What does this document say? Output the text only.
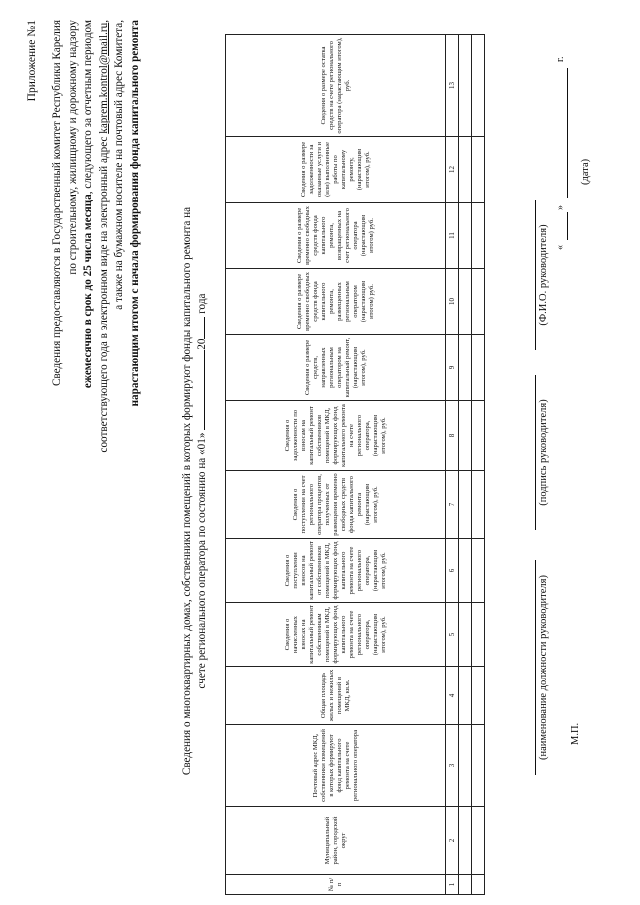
Приложение №1 Сведения предоставляются в Государственный комитет Республики Карелия по строительному, жилищному и дорожному надзору
ежемесячно в срок до 25 числа месяца, следующего за отчетным периодом
соответствующего года в электронном виде на электронный адрес kaprem.kontrol@mail.ru, а также на бумажном носителе на почтовый адрес Комитета, нарастающим итогом с начала формирования фонда капитального ремонта	Сведения о многоквартирных домах, собственники помещений в которых формируют фонды капитального ремонта на счете регионального оператора по состоянию на «01» 20 года
№ п/п	Муниципальный район, городской округ	Почтовый адрес МКД, собственники помещений в которых формируют фонд капитального ремонта на счете регионального оператора	Общая площадь жилых и нежилых помещений в МКД, кв.м.	Сведения о начисленных взносах на капитальный ремонт собственникам помещений в МКД, формирующих фонд капитального ремонта на счете регионального оператора, (нарастающим итогом), руб.	Сведения о поступлении взносов на капитальный ремонт от собственников помещений в МКД, формирующих фонд капитального ремонта на счете регионального оператора, (нарастающим итогом), руб.	Сведения о поступлении на счет регионального оператора процентов, полученных от размещения временно свободных средств фонда капитального ремонта (нарастающим итогом), руб.	Сведения о задолженности по взносам на капитальный ремонт собственников помещений в МКД, формирующих фонд капитального ремонта на счете регионального оператора, (нарастающим итогом), руб.	Сведения о размере средств, направленных региональным оператором на капитальный ремонт, (нарастающим итогом), руб.	Сведения о размере временно свободных средств фонда капитального ремонта, размещенных региональным оператором (нарастающим итогом) руб.	Сведения о размере временно свободных средств фонда капитального ремонта, возвращенных на счет регионального оператора (нарастающим итогом) руб.	Сведения о размере задолженности за оказанные услуги и (или) выполненные работы по капитальному ремонту, (нарастающим итогом), руб.	Сведения о размере остатка средств на счете регионального оператора (нарастающим итогом), руб.
1	2	3	4	5	6	7	8	9	10	11	12	13

(наименование должности руководителя)
(подпись руководителя)
(Ф.И.О. руководителя)
М.П.
«
»
г.
(дата)
